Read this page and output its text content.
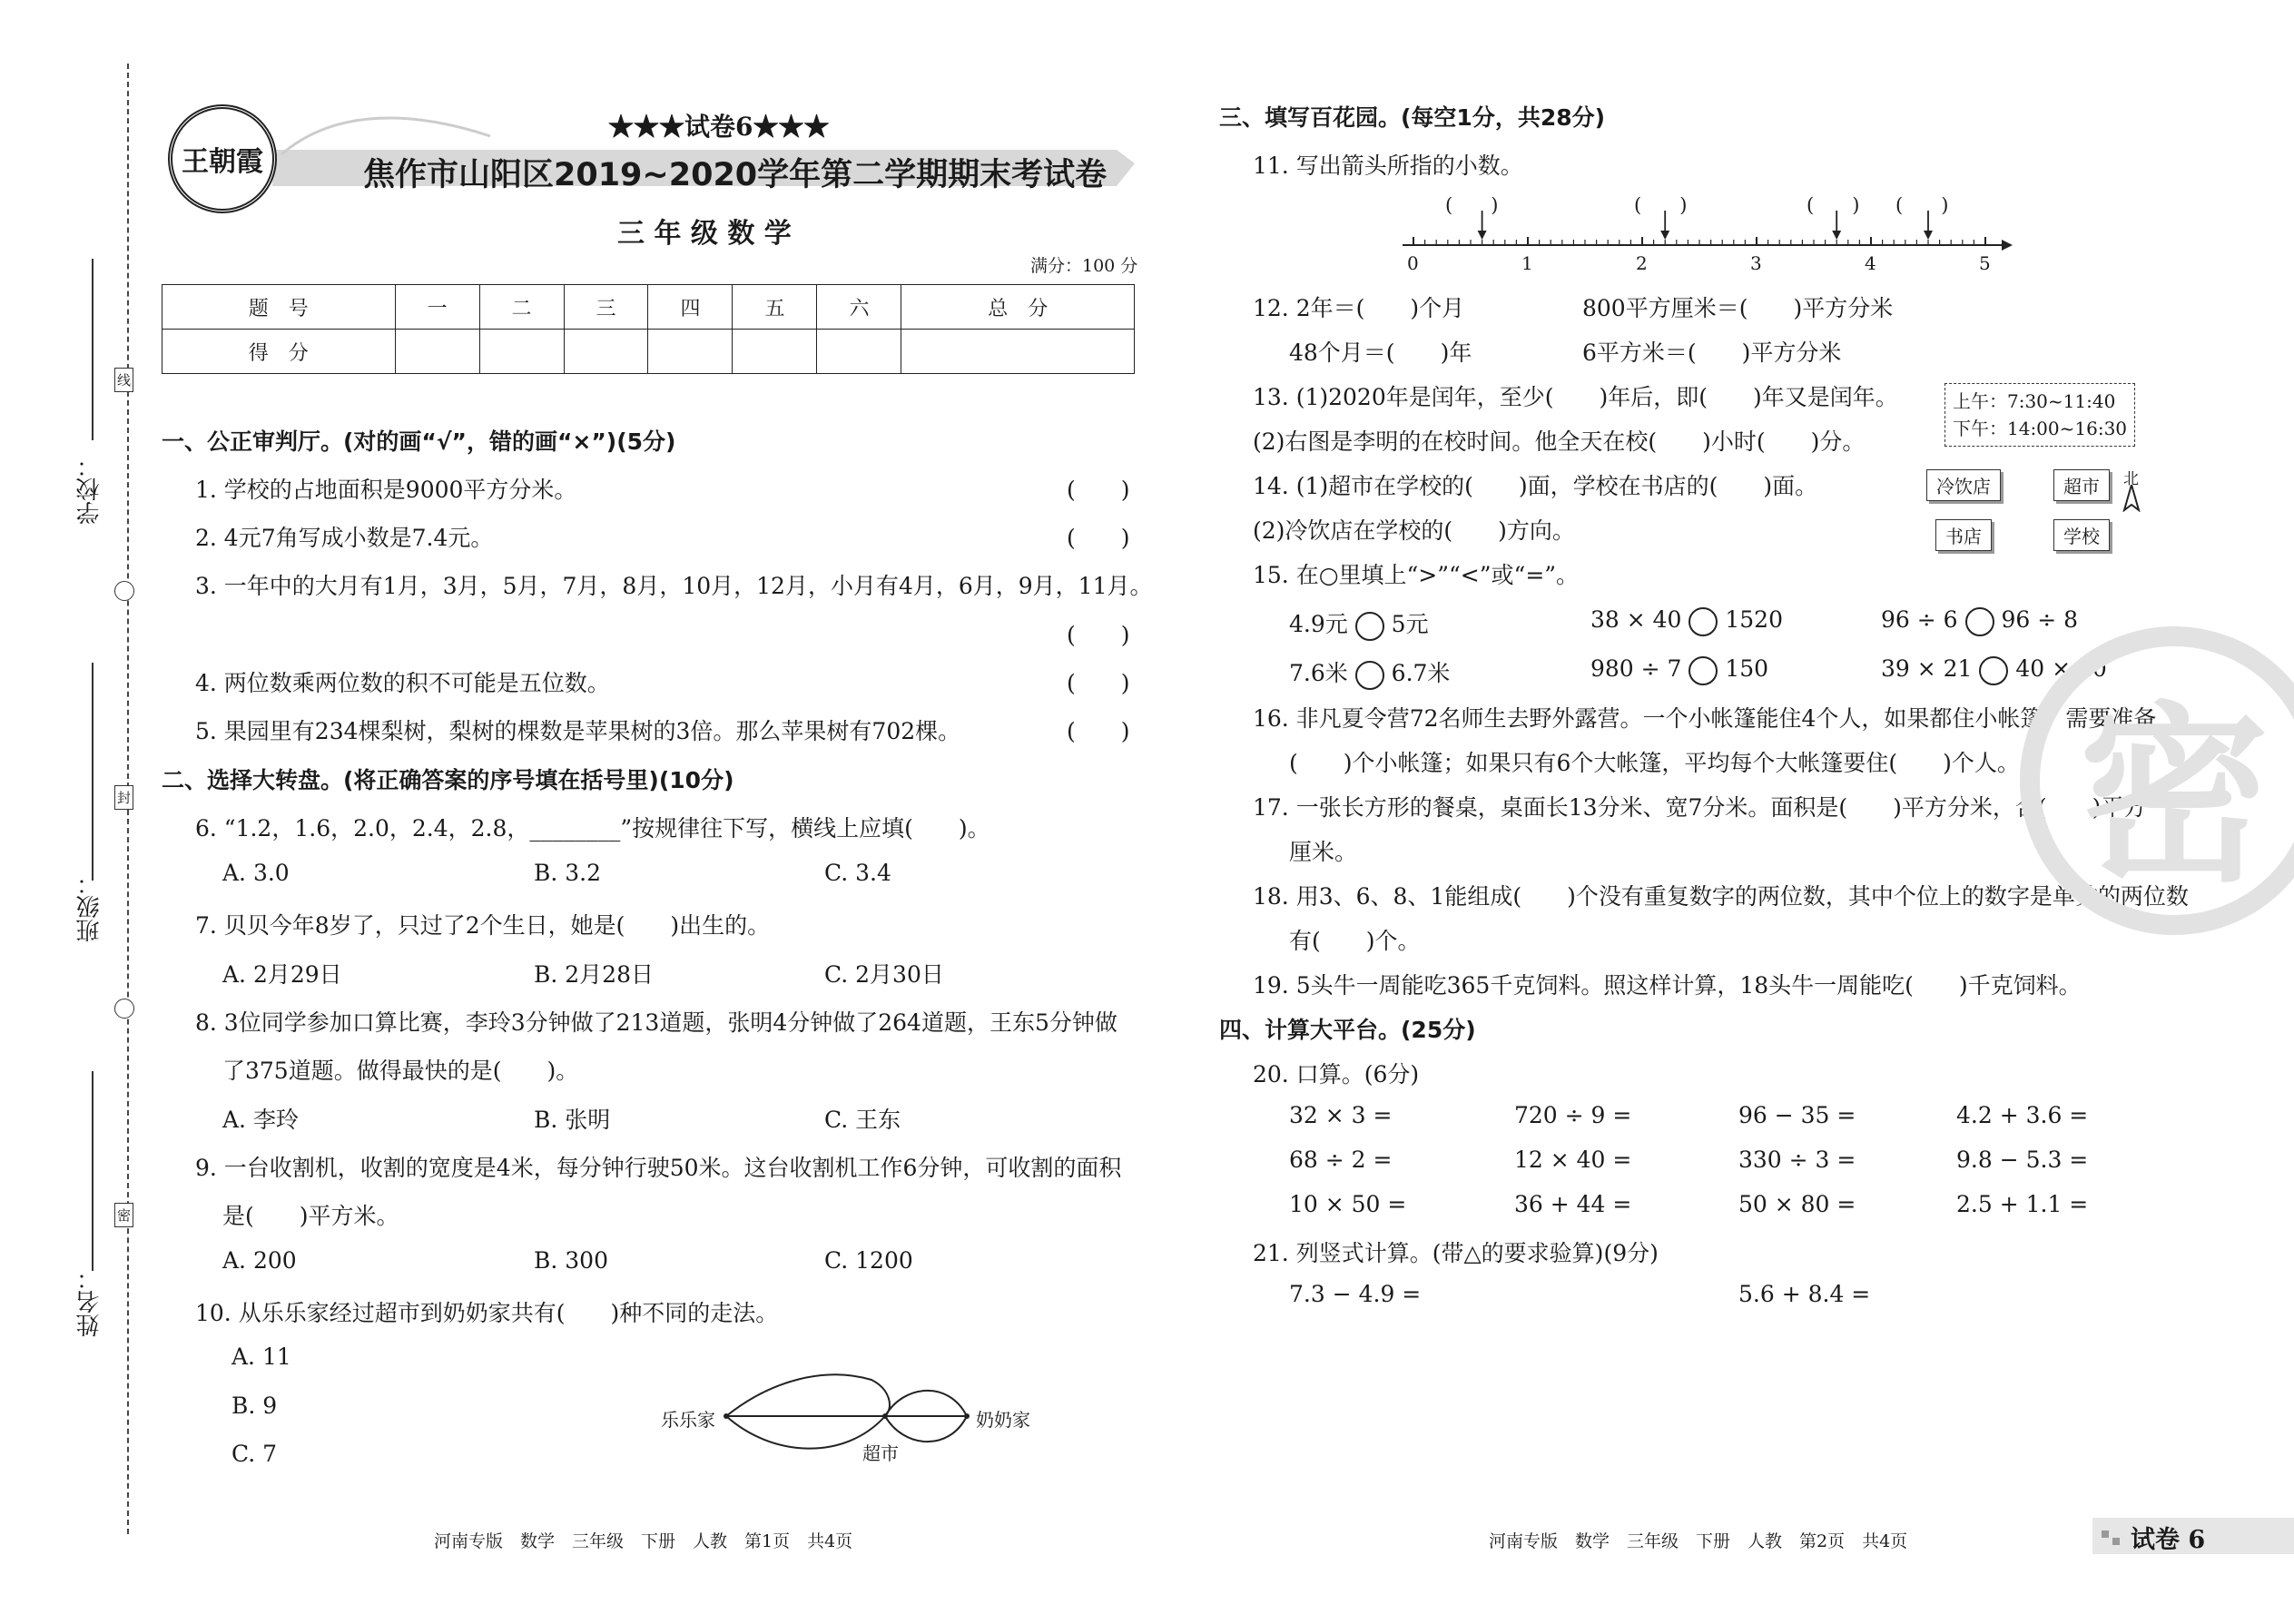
学校：
班级：
姓名：
线
封
密
王朝霞
★★★试卷6★★★
焦作市山阳区2019~2020学年第二学期期末考试卷
三 年 级 数 学
满分：100 分
题　号	一	二	三	四	五	六	总　分
得　分							
一、公正审判厅。(对的画“√”，错的画“×”)(5分)
1. 学校的占地面积是9000平方分米。	(　　)
2. 4元7角写成小数是7.4元。	(　　)
3. 一年中的大月有1月，3月，5月，7月，8月，10月，12月，小月有4月，6月，9月，11月。
(　　)
4. 两位数乘两位数的积不可能是五位数。	(　　)
5. 果园里有234棵梨树，梨树的棵数是苹果树的3倍。那么苹果树有702棵。	(　　)
二、选择大转盘。(将正确答案的序号填在括号里)(10分)
6. “1.2，1.6，2.0，2.4，2.8，________”按规律往下写，横线上应填(　　)。
A. 3.0	B. 3.2	C. 3.4
7. 贝贝今年8岁了，只过了2个生日，她是(　　)出生的。
A. 2月29日	B. 2月28日	C. 2月30日
8. 3位同学参加口算比赛，李玲3分钟做了213道题，张明4分钟做了264道题，王东5分钟做
了375道题。做得最快的是(　　)。
A. 李玲	B. 张明	C. 王东
9. 一台收割机，收割的宽度是4米，每分钟行驶50米。这台收割机工作6分钟，可收割的面积
是(　　)平方米。
A. 200	B. 300	C. 1200
10. 从乐乐家经过超市到奶奶家共有(　　)种不同的走法。
A. 11
B. 9
C. 7
乐乐家
超市
奶奶家
三、填写百花园。(每空1分，共28分)
11. 写出箭头所指的小数。
(　　)	(　　)	(　　) (　　)
0	1	2	3	4	5
12. 2年＝(　　)个月	800平方厘米＝(　　)平方分米
48个月＝(　　)年	6平方米＝(　　)平方分米
13. (1)2020年是闰年，至少(　　)年后，即(　　)年又是闰年。
(2)右图是李明的在校时间。他全天在校(　　)小时(　　)分。
上午：7:30~11:40
下午：14:00~16:30
14. (1)超市在学校的(　　)面，学校在书店的(　　)面。
(2)冷饮店在学校的(　　)方向。
冷饮店	超市
书店	学校
北
15. 在○里填上“>”“<”或“=”。
4.9元 5元	38 × 40 1520	96 ÷ 6 96 ÷ 8
7.6米 6.7米	980 ÷ 7 150	39 × 21 40 × 20
16. 非凡夏令营72名师生去野外露营。一个小帐篷能住4个人，如果都住小帐篷，需要准备
(　　)个小帐篷；如果只有6个大帐篷，平均每个大帐篷要住(　　)个人。
17. 一张长方形的餐桌，桌面长13分米、宽7分米。面积是(　　)平方分米，合(　　)平方
厘米。
18. 用3、6、8、1能组成(　　)个没有重复数字的两位数，其中个位上的数字是单数的两位数
有(　　)个。
19. 5头牛一周能吃365千克饲料。照这样计算，18头牛一周能吃(　　)千克饲料。
四、计算大平台。(25分)
20. 口算。(6分)
32 × 3 =	720 ÷ 9 =	96 − 35 =	4.2 + 3.6 =
68 ÷ 2 =	12 × 40 =	330 ÷ 3 =	9.8 − 5.3 =
10 × 50 =	36 + 44 =	50 × 80 =	2.5 + 1.1 =
21. 列竖式计算。(带△的要求验算)(9分)
7.3 − 4.9 =	5.6 + 8.4 =
密
河南专版　数学　三年级　下册　人教　第1页　共4页	河南专版　数学　三年级　下册　人教　第2页　共4页	试卷 6
